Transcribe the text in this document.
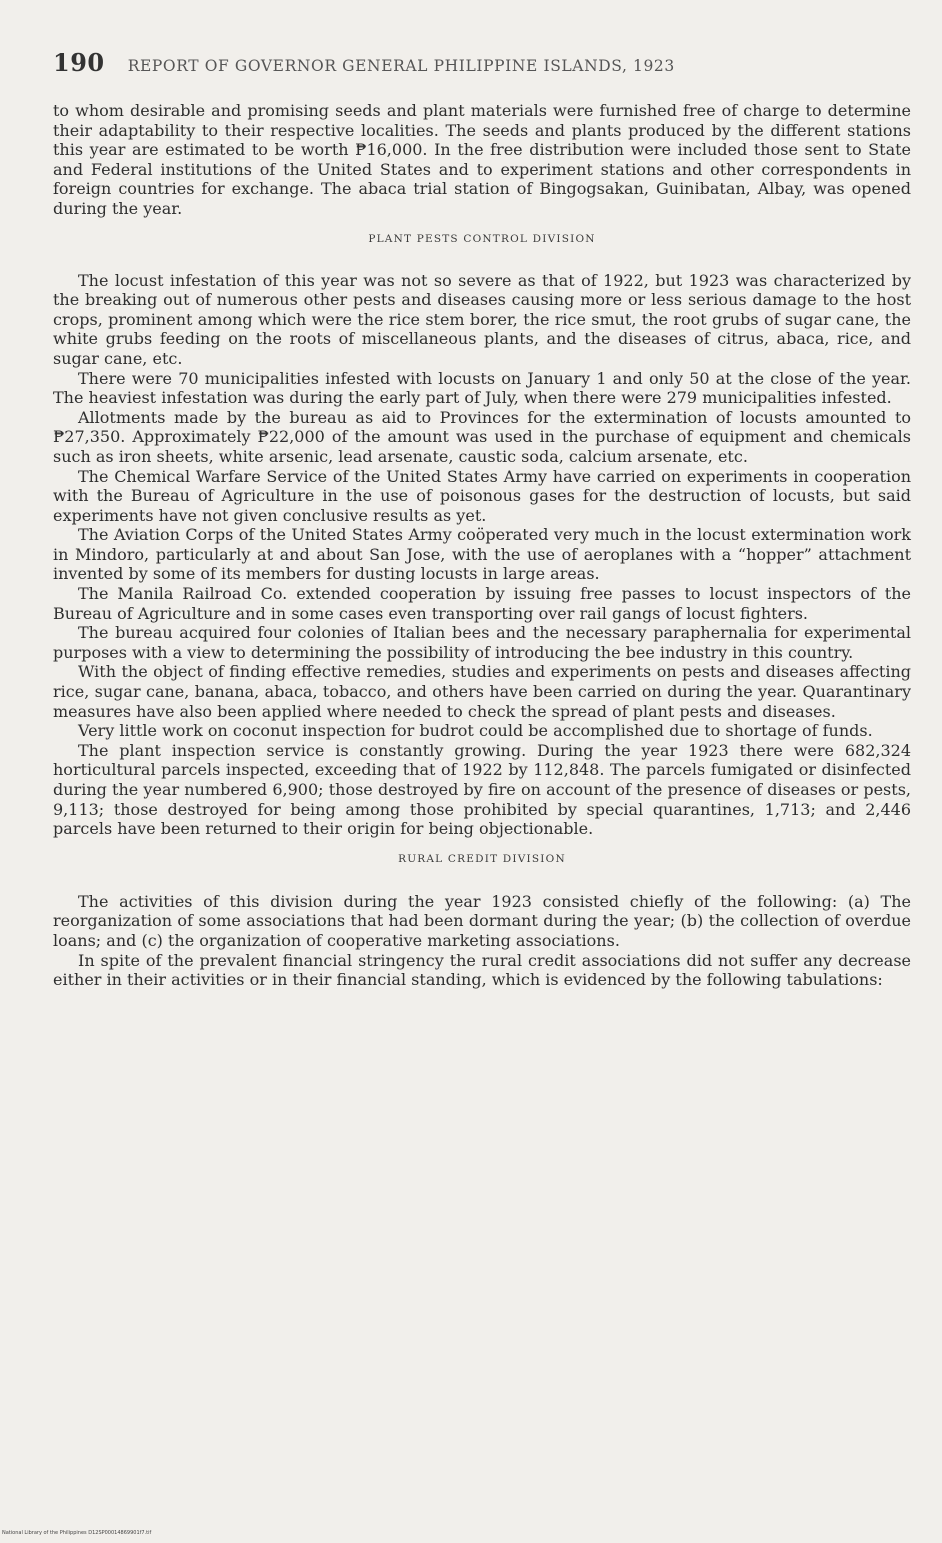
190 REPORT OF GOVERNOR GENERAL PHILIPPINE ISLANDS, 1923

to whom desirable and promising seeds and plant materials were furnished free of charge to determine their adaptability to their respective localities. The seeds and plants produced by the different stations this year are estimated to be worth ₱16,000. In the free distribution were included those sent to State and Federal institutions of the United States and to experiment stations and other correspondents in foreign countries for exchange. The abaca trial station of Bingogsakan, Guinibatan, Albay, was opened during the year.

PLANT PESTS CONTROL DIVISION

The locust infestation of this year was not so severe as that of 1922, but 1923 was characterized by the breaking out of numerous other pests and diseases causing more or less serious damage to the host crops, prominent among which were the rice stem borer, the rice smut, the root grubs of sugar cane, the white grubs feeding on the roots of miscellaneous plants, and the diseases of citrus, abaca, rice, and sugar cane, etc.

There were 70 municipalities infested with locusts on January 1 and only 50 at the close of the year. The heaviest infestation was during the early part of July, when there were 279 municipalities infested.

Allotments made by the bureau as aid to Provinces for the extermination of locusts amounted to ₱27,350. Approximately ₱22,000 of the amount was used in the purchase of equipment and chemicals such as iron sheets, white arsenic, lead arsenate, caustic soda, calcium arsenate, etc.

The Chemical Warfare Service of the United States Army have carried on experiments in cooperation with the Bureau of Agriculture in the use of poisonous gases for the destruction of locusts, but said experiments have not given conclusive results as yet.

The Aviation Corps of the United States Army coöperated very much in the locust extermination work in Mindoro, particularly at and about San Jose, with the use of aeroplanes with a “hopper” attachment invented by some of its members for dusting locusts in large areas.

The Manila Railroad Co. extended cooperation by issuing free passes to locust inspectors of the Bureau of Agriculture and in some cases even transporting over rail gangs of locust fighters.

The bureau acquired four colonies of Italian bees and the necessary paraphernalia for experimental purposes with a view to determining the possibility of introducing the bee industry in this country.

With the object of finding effective remedies, studies and experiments on pests and diseases affecting rice, sugar cane, banana, abaca, tobacco, and others have been carried on during the year. Quarantinary measures have also been applied where needed to check the spread of plant pests and diseases.

Very little work on coconut inspection for budrot could be accomplished due to shortage of funds.

The plant inspection service is constantly growing. During the year 1923 there were 682,324 horticultural parcels inspected, exceeding that of 1922 by 112,848. The parcels fumigated or disinfected during the year numbered 6,900; those destroyed by fire on account of the presence of diseases or pests, 9,113; those destroyed for being among those prohibited by special quarantines, 1,713; and 2,446 parcels have been returned to their origin for being objectionable.

RURAL CREDIT DIVISION

The activities of this division during the year 1923 consisted chiefly of the following: (a) The reorganization of some associations that had been dormant during the year; (b) the collection of overdue loans; and (c) the organization of cooperative marketing associations.

In spite of the prevalent financial stringency the rural credit associations did not suffer any decrease either in their activities or in their financial standing, which is evidenced by the following tabulations:

National Library of the Philippines D12SP00014869901f7.tif
